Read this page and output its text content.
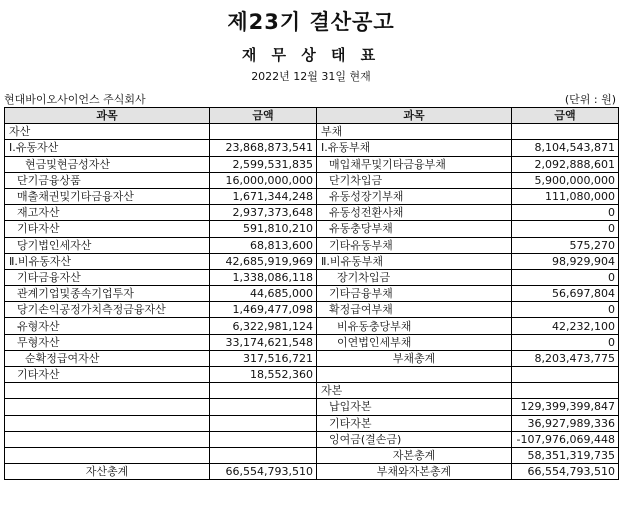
제23기 결산공고
재 무 상 태 표
2022년 12월 31일 현재
현대바이오사이언스 주식회사	(단위 : 원)
과목	금액	과목	금액
자산		부채	
Ⅰ.유동자산	23,868,873,541	Ⅰ.유동부채	8,104,543,871
현금및현금성자산	2,599,531,835	매입채무및기타금융부채	2,092,888,601
단기금융상품	16,000,000,000	단기차입금	5,900,000,000
매출채권및기타금융자산	1,671,344,248	유동성장기부채	111,080,000
재고자산	2,937,373,648	유동성전환사채	0
기타자산	591,810,210	유동충당부채	0
당기법인세자산	68,813,600	기타유동부채	575,270
Ⅱ.비유동자산	42,685,919,969	Ⅱ.비유동부채	98,929,904
기타금융자산	1,338,086,118	장기차입금	0
관계기업및종속기업투자	44,685,000	기타금융부채	56,697,804
당기손익공정가치측정금융자산	1,469,477,098	확정급여부채	0
유형자산	6,322,981,124	비유동충당부채	42,232,100
무형자산	33,174,621,548	이연법인세부채	0
순확정급여자산	317,516,721	부채총계	8,203,473,775
기타자산	18,552,360		
		자본	
		납입자본	129,399,399,847
		기타자본	36,927,989,336
		잉여금(결손금)	-107,976,069,448
		자본총계	58,351,319,735
자산총계	66,554,793,510	부채와자본총계	66,554,793,510
